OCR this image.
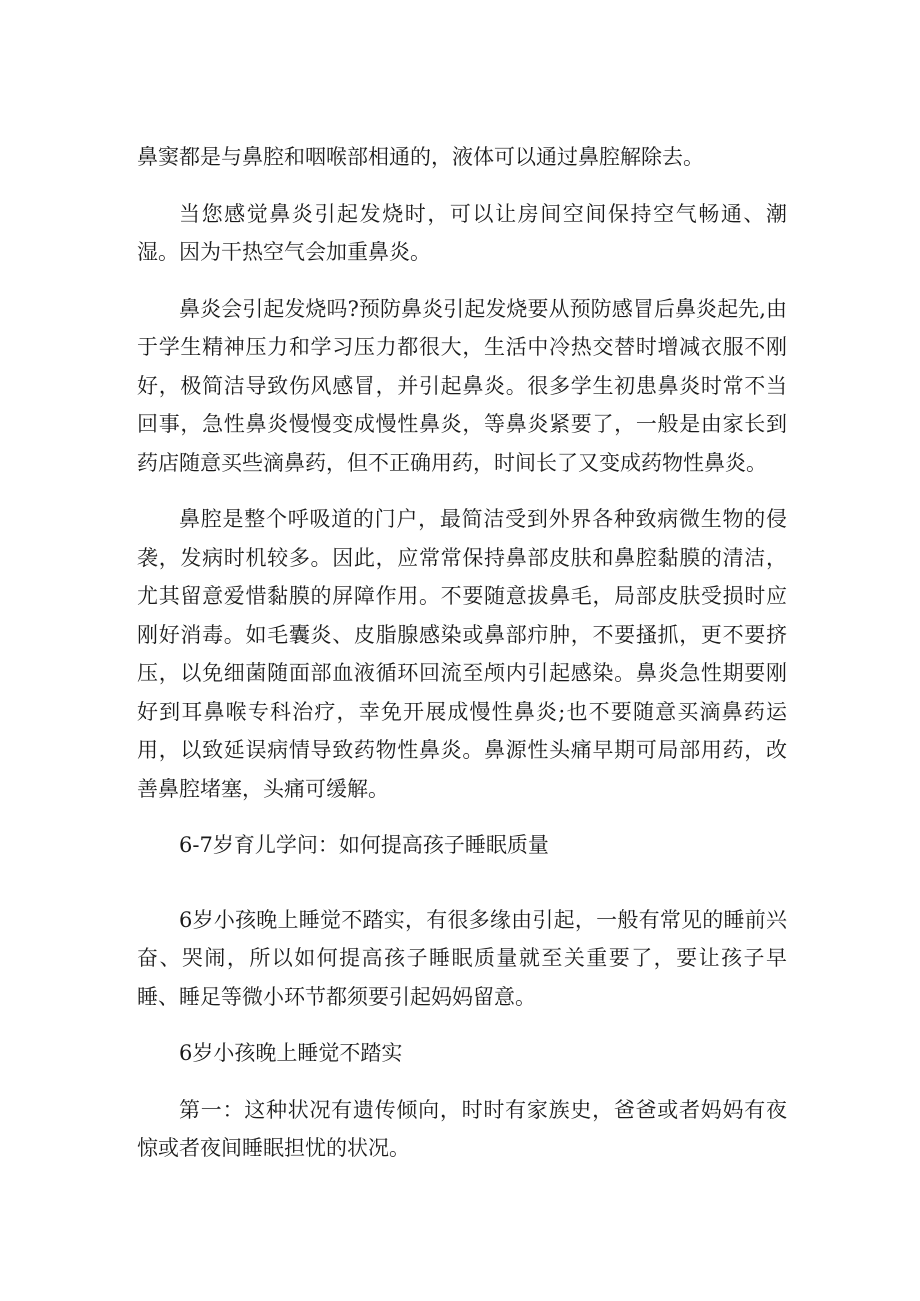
鼻窦都是与鼻腔和咽喉部相通的，液体可以通过鼻腔解除去。

当您感觉鼻炎引起发烧时，可以让房间空间保持空气畅通、潮湿。因为干热空气会加重鼻炎。

鼻炎会引起发烧吗?预防鼻炎引起发烧要从预防感冒后鼻炎起先,由于学生精神压力和学习压力都很大，生活中冷热交替时增减衣服不刚好，极简洁导致伤风感冒，并引起鼻炎。很多学生初患鼻炎时常不当回事，急性鼻炎慢慢变成慢性鼻炎，等鼻炎紧要了，一般是由家长到药店随意买些滴鼻药，但不正确用药，时间长了又变成药物性鼻炎。

鼻腔是整个呼吸道的门户，最简洁受到外界各种致病微生物的侵袭，发病时机较多。因此，应常常保持鼻部皮肤和鼻腔黏膜的清洁，尤其留意爱惜黏膜的屏障作用。不要随意拔鼻毛，局部皮肤受损时应刚好消毒。如毛囊炎、皮脂腺感染或鼻部疖肿，不要搔抓，更不要挤压，以免细菌随面部血液循环回流至颅内引起感染。鼻炎急性期要刚好到耳鼻喉专科治疗，幸免开展成慢性鼻炎;也不要随意买滴鼻药运用，以致延误病情导致药物性鼻炎。鼻源性头痛早期可局部用药，改善鼻腔堵塞，头痛可缓解。

6-7岁育儿学问：如何提高孩子睡眠质量

6岁小孩晚上睡觉不踏实，有很多缘由引起，一般有常见的睡前兴奋、哭闹，所以如何提高孩子睡眠质量就至关重要了，要让孩子早睡、睡足等微小环节都须要引起妈妈留意。

6岁小孩晚上睡觉不踏实

第一：这种状况有遗传倾向，时时有家族史，爸爸或者妈妈有夜惊或者夜间睡眠担忧的状况。
